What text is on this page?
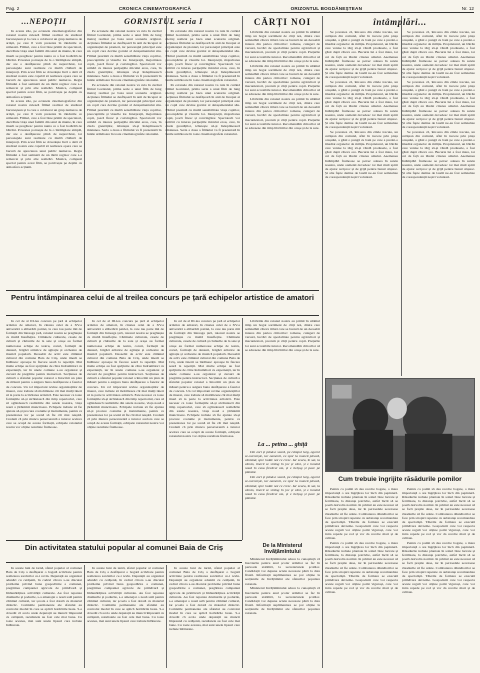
Pag. 2	CRONICA CINEMATOGRAFICĂ	ORIZONTUL BOGDĂNEȘTEAN	Nr. 12
...NEPOȚII

In aceste zile, pe ecranele cinematografelor din raionul nostru rulează filmul realizat de studioul bucureștean și la care a colaborat un grup numeros de artiști, pe care îl vom prezenta în rândurile ce urmează. Filmul, care a fost bine primit de spectatori, dezvăluie viața unei familii din satul de munte, în care tinerii se pregătesc pentru nunta ce a fost hotărâtă de bătrâni. Povestea pornește de la o întâmplare simplă, dar are o desfășurare plină de neprevăzut, iar personajele sunt realizate cu multă căldură de interpreți. Prin acest film se dovedește încă o dată că studioul nostru este capabil să realizeze opere care se bucură de aprecierea unui public numeros. Regia filmului a fost semnată de un tânăr regizor care s-a remarcat și prin alte realizări. Muzica, compusă special pentru acest film, se potrivește pe deplin cu atmosfera acțiunii.

In aceste zile, pe ecranele cinematografelor din raionul nostru rulează filmul realizat de studioul bucureștean și la care a colaborat un grup numeros de artiști, pe care îl vom prezenta în rândurile ce urmează. Filmul, care a fost bine primit de spectatori, dezvăluie viața unei familii din satul de munte, în care tinerii se pregătesc pentru nunta ce a fost hotărâtă de bătrâni. Povestea pornește de la o întâmplare simplă, dar are o desfășurare plină de neprevăzut, iar personajele sunt realizate cu multă căldură de interpreți. Prin acest film se dovedește încă o dată că studioul nostru este capabil să realizeze opere care se bucură de aprecierea unui public numeros. Regia filmului a fost semnată de un tânăr regizor care s-a remarcat și prin alte realizări. Muzica, compusă special pentru acest film, se potrivește pe deplin cu atmosfera acțiunii.

GORNISTUL seria I

Pe ecranele din raionul nostru va rula în curând filmul Gornistul, prima serie a unui film de lung metraj realizat pe baza unui scenariu original. Acțiunea filmului se desfășoară în anii de început ai organizației de pionieri, iar personajul principal este un copil care devine gornist al detașamentului său. Filmul prezintă cu multă sensibilitate viața copiilor, preocupările și visurile lor. Interpreții, majoritatea copii, joacă firesc și convingător. Spectatorii vor urmări cu interes peripețiile micului erou, care, în ciuda greutăților, izbutește să-și îndeplinească misiunea. Seria a doua a filmului va fi prezentată în lunile următoare în toate cinematografele raionului.

Pe ecranele din raionul nostru va rula în curând filmul Gornistul, prima serie a unui film de lung metraj realizat pe baza unui scenariu original. Acțiunea filmului se desfășoară în anii de început ai organizației de pionieri, iar personajul principal este un copil care devine gornist al detașamentului său. Filmul prezintă cu multă sensibilitate viața copiilor, preocupările și visurile lor. Interpreții, majoritatea copii, joacă firesc și convingător. Spectatorii vor urmări cu interes peripețiile micului erou, care, în ciuda greutăților, izbutește să-și îndeplinească misiunea. Seria a doua a filmului va fi prezentată în lunile următoare în toate cinematografele raionului.

Pe ecranele din raionul nostru va rula în curând filmul Gornistul, prima serie a unui film de lung metraj realizat pe baza unui scenariu original. Acțiunea filmului se desfășoară în anii de început ai organizației de pionieri, iar personajul principal este un copil care devine gornist al detașamentului său. Filmul prezintă cu multă sensibilitate viața copiilor, preocupările și visurile lor. Interpreții, majoritatea copii, joacă firesc și convingător. Spectatorii vor urmări cu interes peripețiile micului erou, care, în ciuda greutăților, izbutește să-și îndeplinească misiunea. Seria a doua a filmului va fi prezentată în lunile următoare în toate cinematografele raionului.

Pe ecranele din raionul nostru va rula în curând filmul Gornistul, prima serie a unui film de lung metraj realizat pe baza unui scenariu original. Acțiunea filmului se desfășoară în anii de început ai organizației de pionieri, iar personajul principal este un copil care devine gornist al detașamentului său. Filmul prezintă cu multă sensibilitate viața copiilor, preocupările și visurile lor. Interpreții, majoritatea copii, joacă firesc și convingător. Spectatorii vor urmări cu interes peripețiile micului erou, care, în ciuda greutăților, izbutește să-și îndeplinească misiunea. Seria a doua a filmului va fi prezentată în lunile următoare în toate cinematografele raionului.

CĂRȚI NOI

Librăriile din raionul nostru au primit în ultimul timp un bogat sortiment de cărți noi, dintre care semnalăm câteva titluri care se bucură de un deosebit interes din partea cititorilor: romane, culegeri de versuri, lucrări de specialitate pentru agricultori și mecanizatori, precum și cărți pentru copii. Prețurile lor sunt accesibile tuturor. Recomandăm cititorilor să se adreseze din timp librăriilor din orașe și de la sate.

Librăriile din raionul nostru au primit în ultimul timp un bogat sortiment de cărți noi, dintre care semnalăm câteva titluri care se bucură de un deosebit interes din partea cititorilor: romane, culegeri de versuri, lucrări de specialitate pentru agricultori și mecanizatori, precum și cărți pentru copii. Prețurile lor sunt accesibile tuturor. Recomandăm cititorilor să se adreseze din timp librăriilor din orașe și de la sate.

Librăriile din raionul nostru au primit în ultimul timp un bogat sortiment de cărți noi, dintre care semnalăm câteva titluri care se bucură de un deosebit interes din partea cititorilor: romane, culegeri de versuri, lucrări de specialitate pentru agricultori și mecanizatori, precum și cărți pentru copii. Prețurile lor sunt accesibile tuturor. Recomandăm cititorilor să se adreseze din timp librăriilor din orașe și de la sate.

întâmplări...

Se povestea că, într-una din zilele trecute, un cetățean din comună, aflat în trecere prin piața orașului, a găsit o pungă cu bani pe care a predat-o imediat organelor de miliție. Proprietarul, un bătrân care venise la târg să-și vândă produsele, a fost găsit după câteva ore. Bucuria lui a fost mare, iar cei de față au lăudat cinstea omului. Asemenea întâmplări frumoase se petrec adesea în satele noastre, unde oamenii dovedesc tot mai mult spirit de ajutor reciproc și de grijă pentru bunul obștesc. Și alte fapte demne de laudă ne-au fost semnalate de corespondenții noștri voluntari.

Se povestea că, într-una din zilele trecute, un cetățean din comună, aflat în trecere prin piața orașului, a găsit o pungă cu bani pe care a predat-o imediat organelor de miliție. Proprietarul, un bătrân care venise la târg să-și vândă produsele, a fost găsit după câteva ore. Bucuria lui a fost mare, iar cei de față au lăudat cinstea omului. Asemenea întâmplări frumoase se petrec adesea în satele noastre, unde oamenii dovedesc tot mai mult spirit de ajutor reciproc și de grijă pentru bunul obștesc. Și alte fapte demne de laudă ne-au fost semnalate de corespondenții noștri voluntari.

Se povestea că, într-una din zilele trecute, un cetățean din comună, aflat în trecere prin piața orașului, a găsit o pungă cu bani pe care a predat-o imediat organelor de miliție. Proprietarul, un bătrân care venise la târg să-și vândă produsele, a fost găsit după câteva ore. Bucuria lui a fost mare, iar cei de față au lăudat cinstea omului. Asemenea întâmplări frumoase se petrec adesea în satele noastre, unde oamenii dovedesc tot mai mult spirit de ajutor reciproc și de grijă pentru bunul obștesc. Și alte fapte demne de laudă ne-au fost semnalate de corespondenții noștri voluntari.

Se povestea că, într-una din zilele trecute, un cetățean din comună, aflat în trecere prin piața orașului, a găsit o pungă cu bani pe care a predat-o imediat organelor de miliție. Proprietarul, un bătrân care venise la târg să-și vândă produsele, a fost găsit după câteva ore. Bucuria lui a fost mare, iar cei de față au lăudat cinstea omului. Asemenea întâmplări frumoase se petrec adesea în satele noastre, unde oamenii dovedesc tot mai mult spirit de ajutor reciproc și de grijă pentru bunul obștesc. Și alte fapte demne de laudă ne-au fost semnalate de corespondenții noștri voluntari.

Se povestea că, într-una din zilele trecute, un cetățean din comună, aflat în trecere prin piața orașului, a găsit o pungă cu bani pe care a predat-o imediat organelor de miliție. Proprietarul, un bătrân care venise la târg să-și vândă produsele, a fost găsit după câteva ore. Bucuria lui a fost mare, iar cei de față au lăudat cinstea omului. Asemenea întâmplări frumoase se petrec adesea în satele noastre, unde oamenii dovedesc tot mai mult spirit de ajutor reciproc și de grijă pentru bunul obștesc. Și alte fapte demne de laudă ne-au fost semnalate de corespondenții noștri voluntari.

Se povestea că, într-una din zilele trecute, un cetățean din comună, aflat în trecere prin piața orașului, a găsit o pungă cu bani pe care a predat-o imediat organelor de miliție. Proprietarul, un bătrân care venise la târg să-și vândă produsele, a fost găsit după câteva ore. Bucuria lui a fost mare, iar cei de față au lăudat cinstea omului. Asemenea întâmplări frumoase se petrec adesea în satele noastre, unde oamenii dovedesc tot mai mult spirit de ajutor reciproc și de grijă pentru bunul obștesc. Și alte fapte demne de laudă ne-au fost semnalate de corespondenții noștri voluntari.

Pentru întâmpinarea celui de al treilea concurs pe țară echipelor artistice de amatori

In cel de al III-lea concurs pe țară al echipelor artistice de amatori, în cinstea celei de a XV-a aniversări a eliberării patriei, la care iau parte mii de formații din întreaga țară, raionul nostru se pregătește cu multă însuflețire. Căminele culturale, casele de cultură și cluburile de la sate și orașe au format numeroase echipe de teatru, coruri, formații de dansuri, brigăzi artistice de agitație și orchestre de muzică populară. Deosebit de activ este căminul cultural din comuna Baia de Criș, unde tinerii se întâlnesc aproape în fiecare seară la repetiții. Mai multe echipe au fost sprijinite de către îndrumători cu experiență, iar în unele comune s-au organizat și cursuri de pregătire pentru instructori. Secțiunea de cultură a sfatului popular raional a întocmit un plan de măsuri pentru a asigura buna desfășurare a fazelor de concurs. Un rol important revine organizațiilor de tineret, care trebuie să mobilizeze cât mai mulți tineri să ia parte la activitatea artistică. Este necesar ca toate formațiile să-și alcătuiască din timp repertoriul, care să oglindească realizările din satele noastre, viața nouă a țărănimii muncitoare. Echipele trebuie să fie ajutate să-și procure costume și instrumente, pentru ca prezentarea lor pe scenă să fie cât mai reușită. Credem că prin munca perseverentă a tuturor acelora care se ocupă de aceste formații, echipele raionului nostru vor obține rezultate frumoase.

In cel de al III-lea concurs pe țară al echipelor artistice de amatori, în cinstea celei de a XV-a aniversări a eliberării patriei, la care iau parte mii de formații din întreaga țară, raionul nostru se pregătește cu multă însuflețire. Căminele culturale, casele de cultură și cluburile de la sate și orașe au format numeroase echipe de teatru, coruri, formații de dansuri, brigăzi artistice de agitație și orchestre de muzică populară. Deosebit de activ este căminul cultural din comuna Baia de Criș, unde tinerii se întâlnesc aproape în fiecare seară la repetiții. Mai multe echipe au fost sprijinite de către îndrumători cu experiență, iar în unele comune s-au organizat și cursuri de pregătire pentru instructori. Secțiunea de cultură a sfatului popular raional a întocmit un plan de măsuri pentru a asigura buna desfășurare a fazelor de concurs. Un rol important revine organizațiilor de tineret, care trebuie să mobilizeze cât mai mulți tineri să ia parte la activitatea artistică. Este necesar ca toate formațiile să-și alcătuiască din timp repertoriul, care să oglindească realizările din satele noastre, viața nouă a țărănimii muncitoare. Echipele trebuie să fie ajutate să-și procure costume și instrumente, pentru ca prezentarea lor pe scenă să fie cât mai reușită. Credem că prin munca perseverentă a tuturor acelora care se ocupă de aceste formații, echipele raionului nostru vor obține rezultate frumoase.

In cel de al III-lea concurs pe țară al echipelor artistice de amatori, în cinstea celei de a XV-a aniversări a eliberării patriei, la care iau parte mii de formații din întreaga țară, raionul nostru se pregătește cu multă însuflețire. Căminele culturale, casele de cultură și cluburile de la sate și orașe au format numeroase echipe de teatru, coruri, formații de dansuri, brigăzi artistice de agitație și orchestre de muzică populară. Deosebit de activ este căminul cultural din comuna Baia de Criș, unde tinerii se întâlnesc aproape în fiecare seară la repetiții. Mai multe echipe au fost sprijinite de către îndrumători cu experiență, iar în unele comune s-au organizat și cursuri de pregătire pentru instructori. Secțiunea de cultură a sfatului popular raional a întocmit un plan de măsuri pentru a asigura buna desfășurare a fazelor de concurs. Un rol important revine organizațiilor de tineret, care trebuie să mobilizeze cât mai mulți tineri să ia parte la activitatea artistică. Este necesar ca toate formațiile să-și alcătuiască din timp repertoriul, care să oglindească realizările din satele noastre, viața nouă a țărănimii muncitoare. Echipele trebuie să fie ajutate să-și procure costume și instrumente, pentru ca prezentarea lor pe scenă să fie cât mai reușită. Credem că prin munca perseverentă a tuturor acelora care se ocupă de aceste formații, echipele raionului nostru vor obține rezultate frumoase.

Librăriile din raionul nostru au primit în ultimul timp un bogat sortiment de cărți noi, dintre care semnalăm câteva titluri care se bucură de un deosebit interes din partea cititorilor: romane, culegeri de versuri, lucrări de specialitate pentru agricultori și mecanizatori, precum și cărți pentru copii. Prețurile lor sunt accesibile tuturor. Recomandăm cititorilor să se adreseze din timp librăriilor din orașe și de la sate.

La ... petina ... ghiță

Din zori și până-n seară, pe câmpul larg, ogorul se-nverzește, iar oamenii, cu spor la muncă pleacă, cântând, spre holde noi ce cresc. Iar seara, în sat, la cămin, tinerii se strâng în joc și cânt, și e lumină nouă în casa fiecărui om, și e belșug și pace pe pământ.

Din zori și până-n seară, pe câmpul larg, ogorul se-nverzește, iar oamenii, cu spor la muncă pleacă, cântând, spre holde noi ce cresc. Iar seara, în sat, la cămin, tinerii se strâng în joc și cânt, și e lumină nouă în casa fiecărui om, și e belșug și pace pe pământ.

De la Ministerul Invățămîntului

Ministerul Invățămîntului aduce la cunoștință că înscrierile pentru anul școlar următor se fac în perioada stabilită, la secretariatele școlilor. Candidații vor depune actele necesare până la data fixată. Informații suplimentare se pot obține la secțiunile de învățământ ale sfaturilor populare raionale.

Ministerul Invățămîntului aduce la cunoștință că înscrierile pentru anul școlar următor se fac în perioada stabilită, la secretariatele școlilor. Candidații vor depune actele necesare până la data fixată. Informații suplimentare se pot obține la secțiunile de învățământ ale sfaturilor populare raionale.

Cum trebuie îngrijite răsădurile pomilor

Pentru ca pomii să dea recolte bogate, o mare importanță o are îngrijirea lor încă din pepinieră. Răsadurile trebuie plantate în soluri bine lucrate și fertilizate, la distanțe potrivite, astfel încât să se poată dezvolta normal. In primul an este necesar să se facă praşile dese, iar în perioadele secetoase răsadurile să fie udate. Combaterea dăunătorilor se face prin stropiri repetate cu substanțe recomandate de specialiști. Tăierile de formare se execută primăvara devreme. Gospodarii care vor respecta aceste reguli vor obține pomi viguroși, care vor intra repede pe rod și vor da recolte mari și de calitate.

Pentru ca pomii să dea recolte bogate, o mare importanță o are îngrijirea lor încă din pepinieră. Răsadurile trebuie plantate în soluri bine lucrate și fertilizate, la distanțe potrivite, astfel încât să se poată dezvolta normal. In primul an este necesar să se facă praşile dese, iar în perioadele secetoase răsadurile să fie udate. Combaterea dăunătorilor se face prin stropiri repetate cu substanțe recomandate de specialiști. Tăierile de formare se execută primăvara devreme. Gospodarii care vor respecta aceste reguli vor obține pomi viguroși, care vor intra repede pe rod și vor da recolte mari și de calitate.

Pentru ca pomii să dea recolte bogate, o mare importanță o are îngrijirea lor încă din pepinieră. Răsadurile trebuie plantate în soluri bine lucrate și fertilizate, la distanțe potrivite, astfel încât să se poată dezvolta normal. In primul an este necesar să se facă praşile dese, iar în perioadele secetoase răsadurile să fie udate. Combaterea dăunătorilor se face prin stropiri repetate cu substanțe recomandate de specialiști. Tăierile de formare se execută primăvara devreme. Gospodarii care vor respecta aceste reguli vor obține pomi viguroși, care vor intra repede pe rod și vor da recolte mari și de calitate.

Pentru ca pomii să dea recolte bogate, o mare importanță o are îngrijirea lor încă din pepinieră. Răsadurile trebuie plantate în soluri bine lucrate și fertilizate, la distanțe potrivite, astfel încât să se poată dezvolta normal. In primul an este necesar să se facă praşile dese, iar în perioadele secetoase răsadurile să fie udate. Combaterea dăunătorilor se face prin stropiri repetate cu substanțe recomandate de specialiști. Tăierile de formare se execută primăvara devreme. Gospodarii care vor respecta aceste reguli vor obține pomi viguroși, care vor intra repede pe rod și vor da recolte mari și de calitate.

Din activitatea statului popular al comunei Baia de Criș

In aceste luni de iarnă, sfatul popular al comunei Baia de Criș a desfășurat o bogată activitate pentru realizarea sarcinilor ce-i revin. Deputații au organizat adunări cu cetățenii, în cadrul cărora s-au discutat probleme privind buna gospodărire a comunei, pregătirea campaniei agricole de primăvară și îmbunătățirea activității culturale. Au fost reparate drumurile și podurile, s-a amenajat o nouă sală pentru căminul cultural, iar școala a fost dotată cu material didactic. Comisiile permanente ale sfatului au controlat modul în care se aplică hotărârile luate. S-a dovedit că acolo unde deputații au muncit împreună cu cetățenii, rezultatele au fost cele mai bune. Cu toate acestea, mai sunt unele lipsuri care trebuie înlăturate.

In aceste luni de iarnă, sfatul popular al comunei Baia de Criș a desfășurat o bogată activitate pentru realizarea sarcinilor ce-i revin. Deputații au organizat adunări cu cetățenii, în cadrul cărora s-au discutat probleme privind buna gospodărire a comunei, pregătirea campaniei agricole de primăvară și îmbunătățirea activității culturale. Au fost reparate drumurile și podurile, s-a amenajat o nouă sală pentru căminul cultural, iar școala a fost dotată cu material didactic. Comisiile permanente ale sfatului au controlat modul în care se aplică hotărârile luate. S-a dovedit că acolo unde deputații au muncit împreună cu cetățenii, rezultatele au fost cele mai bune. Cu toate acestea, mai sunt unele lipsuri care trebuie înlăturate.

In aceste luni de iarnă, sfatul popular al comunei Baia de Criș a desfășurat o bogată activitate pentru realizarea sarcinilor ce-i revin. Deputații au organizat adunări cu cetățenii, în cadrul cărora s-au discutat probleme privind buna gospodărire a comunei, pregătirea campaniei agricole de primăvară și îmbunătățirea activității culturale. Au fost reparate drumurile și podurile, s-a amenajat o nouă sală pentru căminul cultural, iar școala a fost dotată cu material didactic. Comisiile permanente ale sfatului au controlat modul în care se aplică hotărârile luate. S-a dovedit că acolo unde deputații au muncit împreună cu cetățenii, rezultatele au fost cele mai bune. Cu toate acestea, mai sunt unele lipsuri care trebuie înlăturate.
